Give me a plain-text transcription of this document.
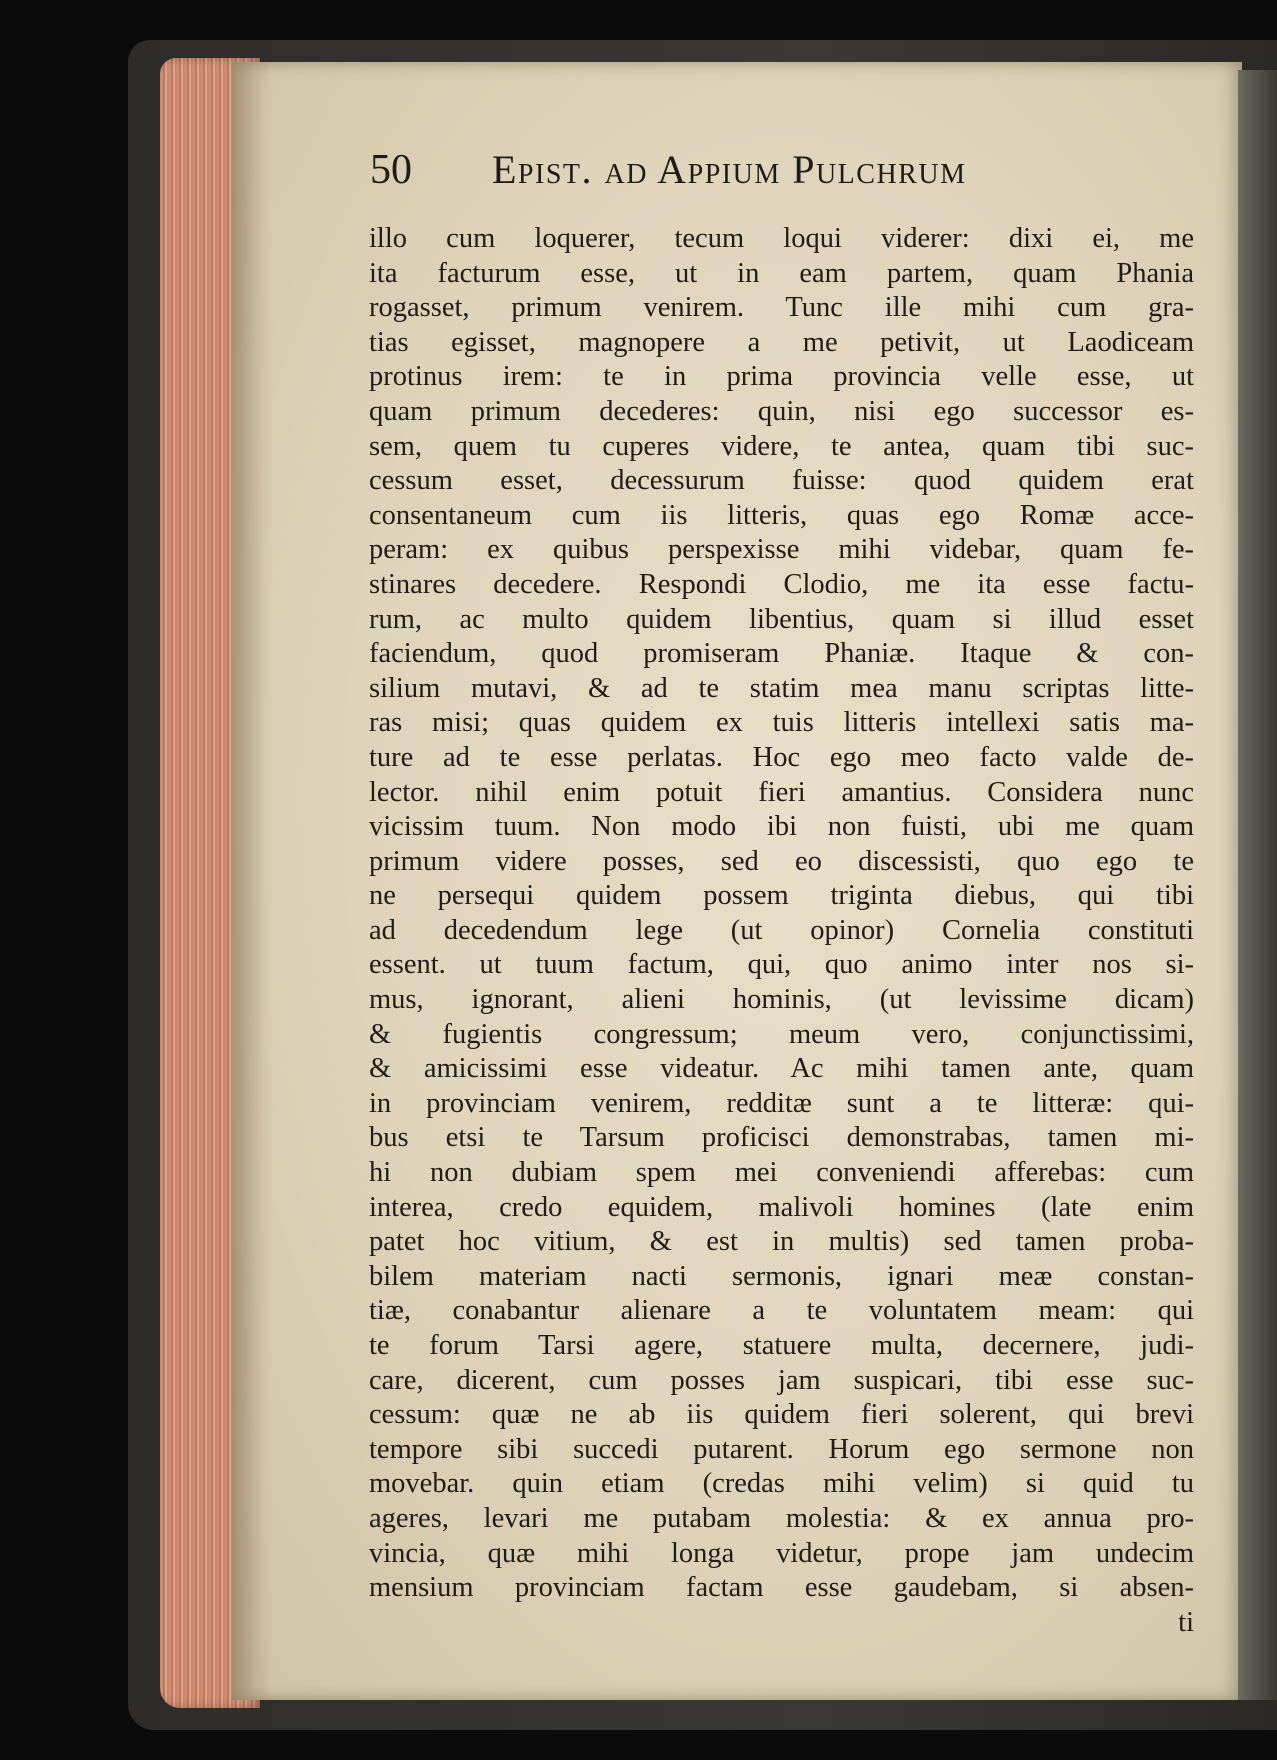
50 Epist. ad Appium Pulchrum
illo cum loquerer, tecum loqui viderer: dixi ei, me
ita facturum esse, ut in eam partem, quam Phania
rogasset, primum venirem. Tunc ille mihi cum gra-
tias egisset, magnopere a me petivit, ut Laodiceam
protinus irem: te in prima provincia velle esse, ut
quam primum decederes: quin, nisi ego successor es-
sem, quem tu cuperes videre, te antea, quam tibi suc-
cessum esset, decessurum fuisse: quod quidem erat
consentaneum cum iis litteris, quas ego Romæ acce-
peram: ex quibus perspexisse mihi videbar, quam fe-
stinares decedere. Respondi Clodio, me ita esse factu-
rum, ac multo quidem libentius, quam si illud esset
faciendum, quod promiseram Phaniæ. Itaque & con-
silium mutavi, & ad te statim mea manu scriptas litte-
ras misi; quas quidem ex tuis litteris intellexi satis ma-
ture ad te esse perlatas. Hoc ego meo facto valde de-
lector. nihil enim potuit fieri amantius. Considera nunc
vicissim tuum. Non modo ibi non fuisti, ubi me quam
primum videre posses, sed eo discessisti, quo ego te
ne persequi quidem possem triginta diebus, qui tibi
ad decedendum lege (ut opinor) Cornelia constituti
essent. ut tuum factum, qui, quo animo inter nos si-
mus, ignorant, alieni hominis, (ut levissime dicam)
& fugientis congressum; meum vero, conjunctissimi,
& amicissimi esse videatur. Ac mihi tamen ante, quam
in provinciam venirem, redditæ sunt a te litteræ: qui-
bus etsi te Tarsum proficisci demonstrabas, tamen mi-
hi non dubiam spem mei conveniendi afferebas: cum
interea, credo equidem, malivoli homines (late enim
patet hoc vitium, & est in multis) sed tamen proba-
bilem materiam nacti sermonis, ignari meæ constan-
tiæ, conabantur alienare a te voluntatem meam: qui
te forum Tarsi agere, statuere multa, decernere, judi-
care, dicerent, cum posses jam suspicari, tibi esse suc-
cessum: quæ ne ab iis quidem fieri solerent, qui brevi
tempore sibi succedi putarent. Horum ego sermone non
movebar. quin etiam (credas mihi velim) si quid tu
ageres, levari me putabam molestia: & ex annua pro-
vincia, quæ mihi longa videtur, prope jam undecim
mensium provinciam factam esse gaudebam, si absen-
ti
